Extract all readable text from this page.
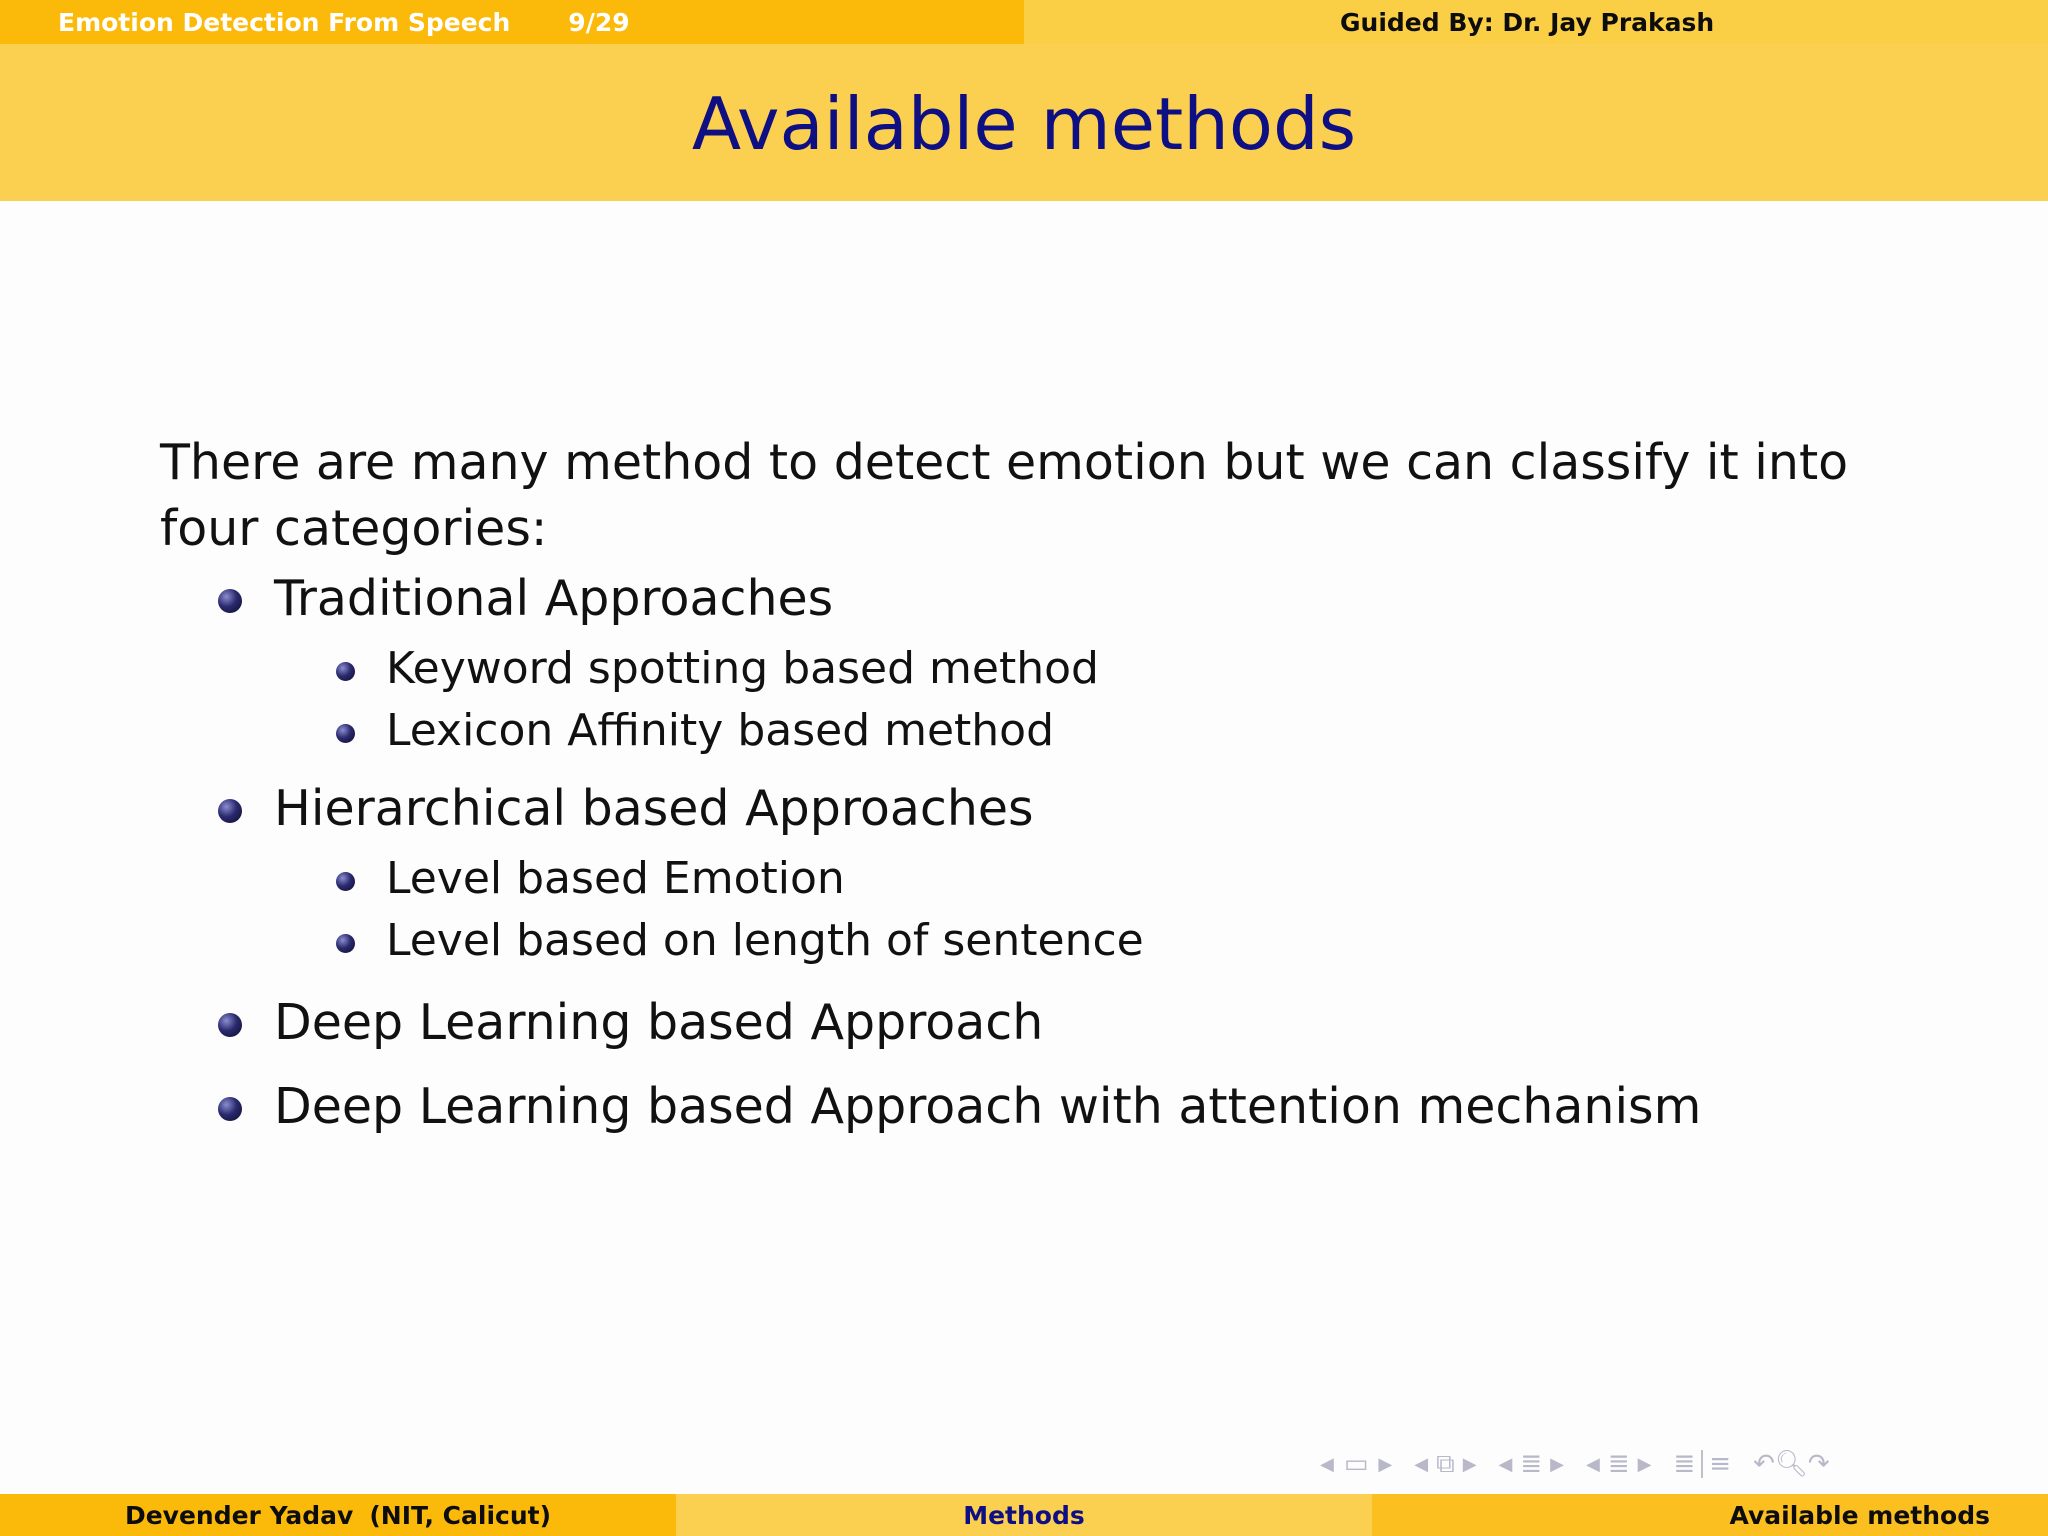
Emotion Detection From Speech 9/29	Guided By: Dr. Jay Prakash
Available methods

There are many method to detect emotion but we can classify it into four categories:

Traditional Approaches
Keyword spotting based method
Lexicon Affinity based method
Hierarchical based Approaches
Level based Emotion
Level based on length of sentence
Deep Learning based Approach
Deep Learning based Approach with attention mechanism
◀ ▭ ▶ ◀ ⧉ ▶ ◀ ≣ ▶ ◀ ≣ ▶ ≣ ≡ ↶ 🔍︎ ↷
Devender Yadav (NIT, Calicut)	Methods	Available methods
